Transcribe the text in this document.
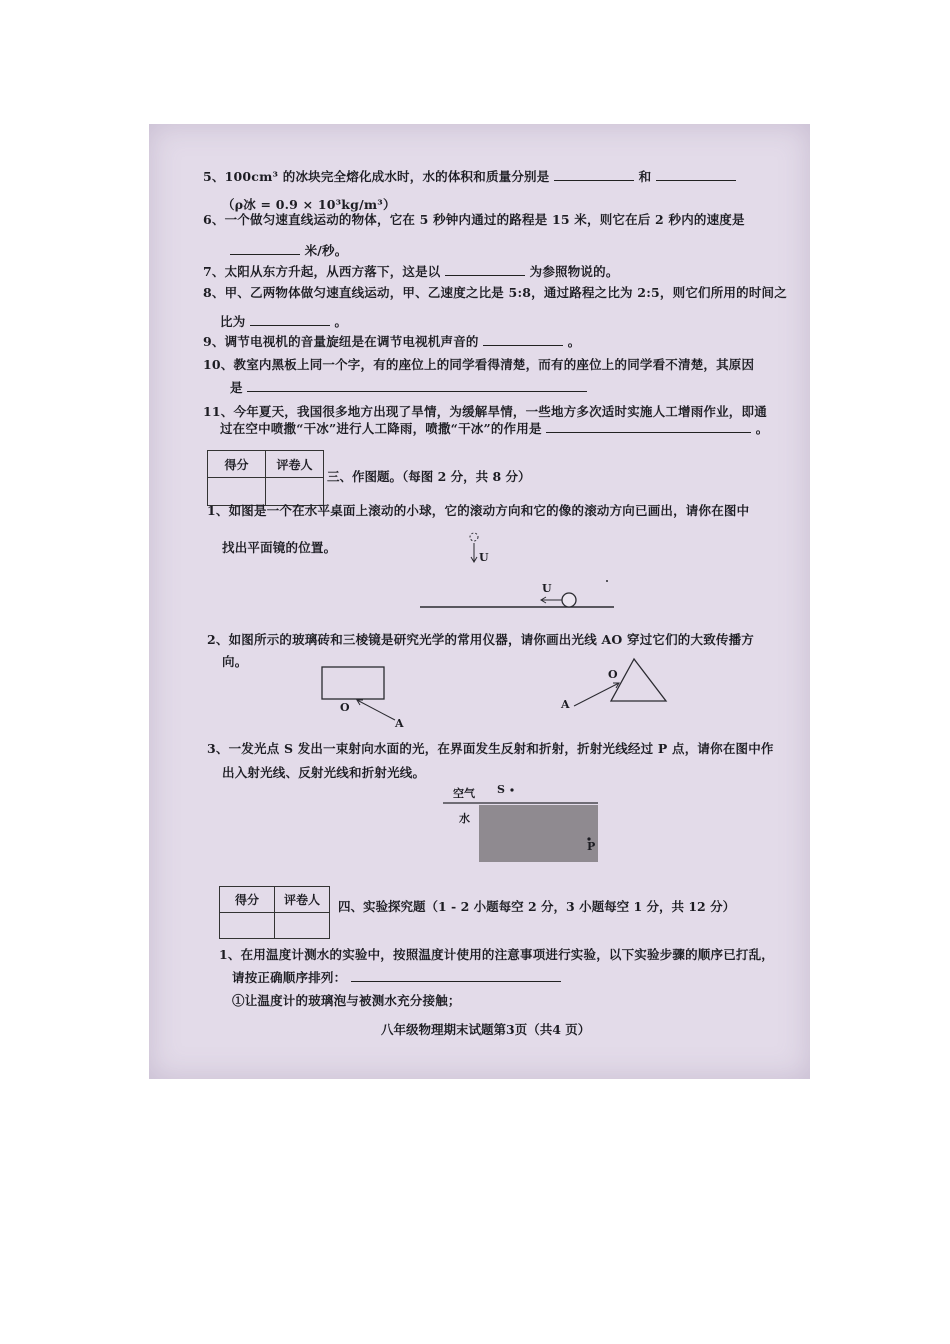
5、100cm³ 的冰块完全熔化成水时，水的体积和质量分别是	和
（ρ冰 = 0.9 × 10³kg/m³）
6、一个做匀速直线运动的物体，它在 5 秒钟内通过的路程是 15 米，则它在后 2 秒内的速度是
米/秒。
7、太阳从东方升起，从西方落下，这是以	为参照物说的。
8、甲、乙两物体做匀速直线运动，甲、乙速度之比是 5:8，通过路程之比为 2:5，则它们所用的时间之
比为	。
9、调节电视机的音量旋纽是在调节电视机声音的	。
10、教室内黑板上同一个字，有的座位上的同学看得清楚，而有的座位上的同学看不清楚，其原因
是
11、今年夏天，我国很多地方出现了旱情，为缓解旱情，一些地方多次适时实施人工增雨作业，即通
过在空中喷撒“干冰”进行人工降雨，喷撒“干冰”的作用是	。
得分	评卷人

三、作图题。（每图 2 分，共 8 分）
1、如图是一个在水平桌面上滚动的小球，它的滚动方向和它的像的滚动方向已画出，请你在图中
找出平面镜的位置。
U
U
O
A
O
A
空气 S
水
P
2、如图所示的玻璃砖和三棱镜是研究光学的常用仪器，请你画出光线 AO 穿过它们的大致传播方
向。
3、一发光点 S 发出一束射向水面的光，在界面发生反射和折射，折射光线经过 P 点，请你在图中作
出入射光线、反射光线和折射光线。
得分	评卷人
	四、实验探究题（1 - 2 小题每空 2 分，3 小题每空 1 分，共 12 分）
1、在用温度计测水的实验中，按照温度计使用的注意事项进行实验，以下实验步骤的顺序已打乱，
请按正确顺序排列：
①让温度计的玻璃泡与被测水充分接触；
八年级物理期末试题第3页（共4 页）
